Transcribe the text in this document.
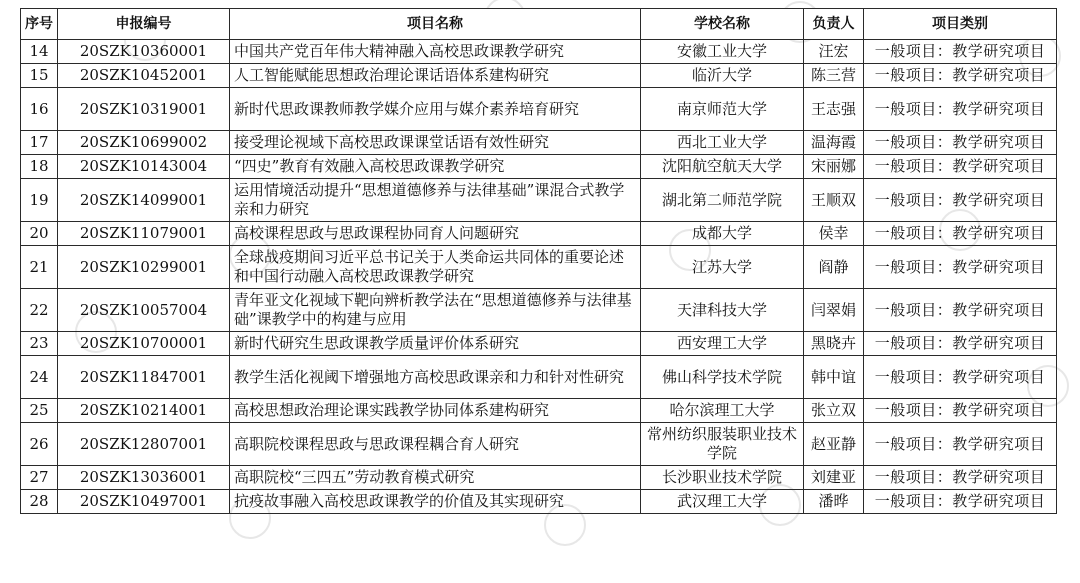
序号	申报编号	项目名称	学校名称	负责人	项目类别
14	20SZK10360001	中国共产党百年伟大精神融入高校思政课教学研究	安徽工业大学	汪宏	一般项目：教学研究项目
15	20SZK10452001	人工智能赋能思想政治理论课话语体系建构研究	临沂大学	陈三营	一般项目：教学研究项目
16	20SZK10319001	新时代思政课教师教学媒介应用与媒介素养培育研究	南京师范大学	王志强	一般项目：教学研究项目
17	20SZK10699002	接受理论视域下高校思政课课堂话语有效性研究	西北工业大学	温海霞	一般项目：教学研究项目
18	20SZK10143004	“四史”教育有效融入高校思政课教学研究	沈阳航空航天大学	宋丽娜	一般项目：教学研究项目
19	20SZK14099001	运用情境活动提升“思想道德修养与法律基础”课混合式教学亲和力研究	湖北第二师范学院	王顺双	一般项目：教学研究项目
20	20SZK11079001	高校课程思政与思政课程协同育人问题研究	成都大学	侯幸	一般项目：教学研究项目
21	20SZK10299001	全球战疫期间习近平总书记关于人类命运共同体的重要论述和中国行动融入高校思政课教学研究	江苏大学	阎静	一般项目：教学研究项目
22	20SZK10057004	青年亚文化视域下靶向辨析教学法在“思想道德修养与法律基础”课教学中的构建与应用	天津科技大学	闫翠娟	一般项目：教学研究项目
23	20SZK10700001	新时代研究生思政课教学质量评价体系研究	西安理工大学	黑晓卉	一般项目：教学研究项目
24	20SZK11847001	教学生活化视阈下增强地方高校思政课亲和力和针对性研究	佛山科学技术学院	韩中谊	一般项目：教学研究项目
25	20SZK10214001	高校思想政治理论课实践教学协同体系建构研究	哈尔滨理工大学	张立双	一般项目：教学研究项目
26	20SZK12807001	高职院校课程思政与思政课程耦合育人研究	常州纺织服装职业技术学院	赵亚静	一般项目：教学研究项目
27	20SZK13036001	高职院校“三四五”劳动教育模式研究	长沙职业技术学院	刘建亚	一般项目：教学研究项目
28	20SZK10497001	抗疫故事融入高校思政课教学的价值及其实现研究	武汉理工大学	潘晔	一般项目：教学研究项目
